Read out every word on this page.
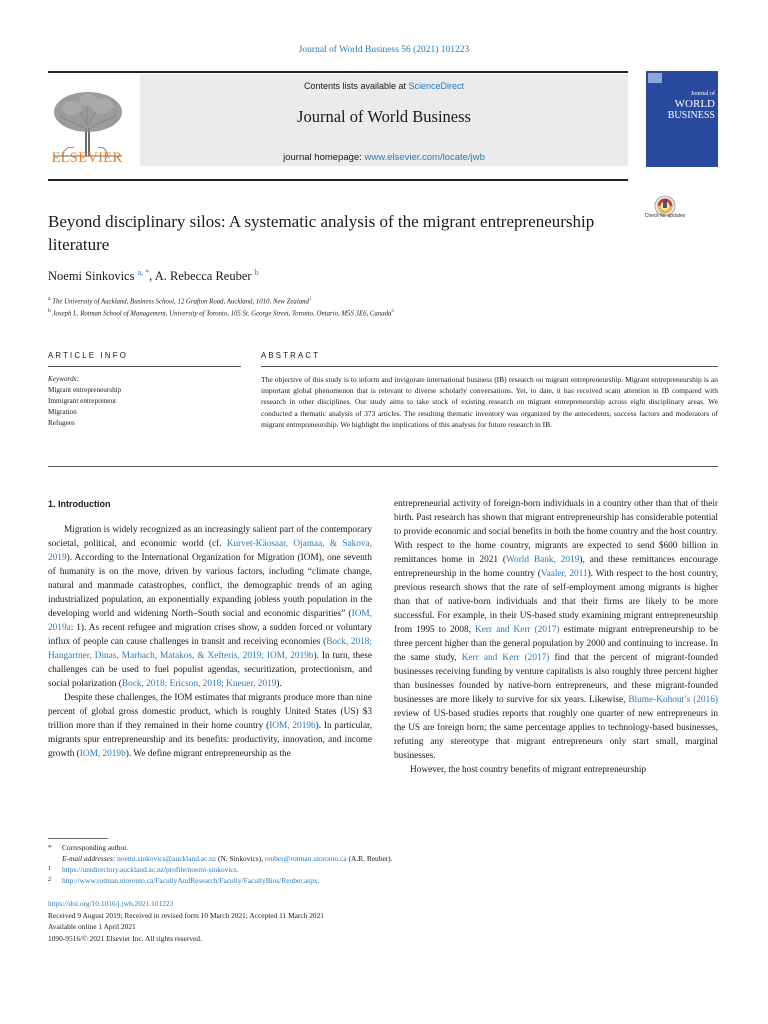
Journal of World Business 56 (2021) 101223
ELSEVIER
Contents lists available at ScienceDirect
Journal of World Business
journal homepage: www.elsevier.com/locate/jwb
Journal of
WORLD
BUSINESS
Beyond disciplinary silos: A systematic analysis of the migrant entrepreneurship literature
Check for updates
Noemi Sinkovics $^{a, *}$, A. Rebecca Reuber $^b$
$^a$ The University of Auckland, Business School, 12 Grafton Road, Auckland, 1010, New Zealand$^1$
$^b$ Joseph L. Rotman School of Management, University of Toronto, 105 St. George Street, Toronto, Ontario, M5S 3E6, Canada$^2$
ARTICLE INFO	ABSTRACT
Keywords:
Migrant entrepreneurship
Immigrant entrepreneur
Migration
Refugees
The objective of this study is to inform and invigorate international business (IB) research on migrant entrepreneurship. Migrant entrepreneurship is an important global phenomenon that is relevant to diverse scholarly conversations. Yet, to date, it has received scant attention in IB compared with research in other disciplines. Our study aims to take stock of existing research on migrant entrepreneurship across eight disciplinary areas. We conducted a thematic analysis of 373 articles. The resulting thematic inventory was organized by the antecedents, success factors and moderators of migrant entrepreneurship. We highlight the implications of this analysis for future research in IB.

1. Introduction

Migration is widely recognized as an increasingly salient part of the contemporary societal, political, and economic world (cf. Kurvet-Käosaar, Ojamaa, & Sakova, 2019). According to the International Organization for Migration (IOM), one seventh of humanity is on the move, driven by various factors, including “climate change, natural and manmade catastrophes, conflict, the demographic trends of an aging industrialized population, an exponentially expanding jobless youth population in the developing world and widening North–South social and economic disparities” (IOM, 2019a: 1). As recent refugee and migration crises show, a sudden forced or voluntary influx of people can cause challenges in transit and receiving economies (Bock, 2018; Hangartner, Dinas, Marbach, Matakos, & Xefteris, 2019; IOM, 2019b). In turn, these challenges can be used to fuel populist agendas, securitization, protectionism, and social polarization (Bock, 2018; Ericson, 2018; Kneuer, 2019).

Despite these challenges, the IOM estimates that migrants produce more than nine percent of global gross domestic product, which is roughly United States (US) $3 trillion more than if they remained in their home country (IOM, 2019b). In particular, migrants spur entrepreneurship and its benefits: productivity, innovation, and income growth (IOM, 2019b). We define migrant entrepreneurship as the

entrepreneurial activity of foreign-born individuals in a country other than that of their birth. Past research has shown that migrant entrepreneurship has considerable potential to provide economic and social benefits in both the home country and the host country. With respect to the home country, migrants are expected to send $600 billion in remittances home in 2021 (World Bank, 2019), and these remittances encourage entrepreneurship in the home country (Vaaler, 2011). With respect to the host country, previous research shows that the rate of self-employment among migrants is higher than that of native-born individuals and that their firms are likely to be more successful. For example, in their US-based study examining migrant entrepreneurship from 1995 to 2008, Kerr and Kerr (2017) estimate migrant entrepreneurship to be three percent higher than the general population by 2000 and continuing to increase. In the same study, Kerr and Kerr (2017) find that the percent of migrant-founded businesses receiving funding by venture capitalists is also roughly three percent higher than businesses founded by native-born entrepreneurs, and these migrant-founded businesses are more likely to survive for six years. Likewise, Blume-Kohout’s (2016) review of US-based studies reports that roughly one quarter of new entrepreneurs in the US are foreign born; the same percentage applies to technology-based businesses, refuting any stereotype that migrant entrepreneurs only start small, marginal businesses.

However, the host country benefits of migrant entrepreneurship

* Corresponding author.
E-mail addresses: noemi.sinkovics@auckland.ac.nz (N. Sinkovics), reuber@rotman.utoronto.ca (A.R. Reuber).
1 https://unidirectory.auckland.ac.nz/profile/noemi-sinkovics.
2 http://www.rotman.utoronto.ca/FacultyAndResearch/Faculty/FacultyBios/Reuber.aspx.
https://doi.org/10.1016/j.jwb.2021.101223
Received 9 August 2019; Received in revised form 10 March 2021; Accepted 11 March 2021
Available online 1 April 2021
1090-9516/© 2021 Elsevier Inc. All rights reserved.
